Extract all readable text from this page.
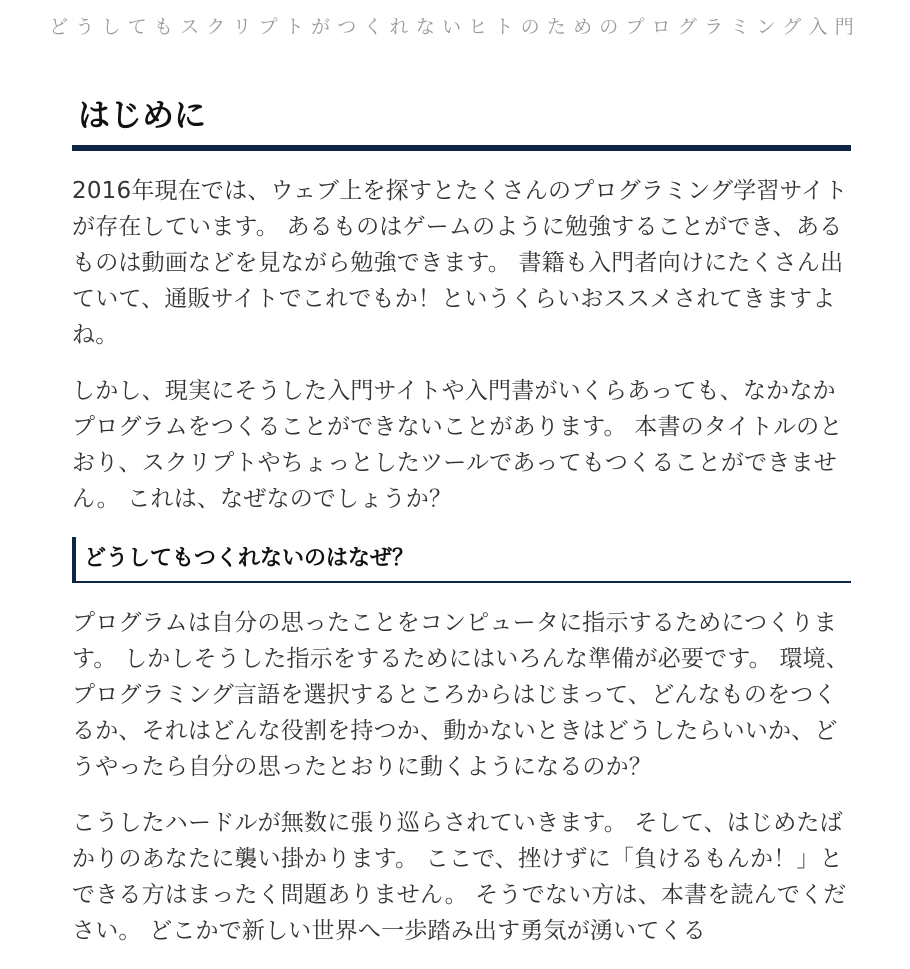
どうしてもスクリプトがつくれないヒトのためのプログラミング入門
はじめに

2016年現在では、ウェブ上を探すとたくさんのプログラミング学習サイトが存在しています。 あるものはゲームのように勉強することができ、あるものは動画などを見ながら勉強できます。 書籍も入門者向けにたくさん出ていて、通販サイトでこれでもか！というくらいおススメされてきますよね。

しかし、現実にそうした入門サイトや入門書がいくらあっても、なかなかプログラムをつくることができないことがあります。 本書のタイトルのとおり、スクリプトやちょっとしたツールであってもつくることができません。 これは、なぜなのでしょうか？

どうしてもつくれないのはなぜ？

プログラムは自分の思ったことをコンピュータに指示するためにつくります。 しかしそうした指示をするためにはいろんな準備が必要です。 環境、プログラミング言語を選択するところからはじまって、どんなものをつくるか、それはどんな役割を持つか、動かないときはどうしたらいいか、どうやったら自分の思ったとおりに動くようになるのか？

こうしたハードルが無数に張り巡らされていきます。 そして、はじめたばかりのあなたに襲い掛かります。 ここで、挫けずに「負けるもんか！」とできる方はまったく問題ありません。 そうでない方は、本書を読んでください。 どこかで新しい世界へ一歩踏み出す勇気が湧いてくる
